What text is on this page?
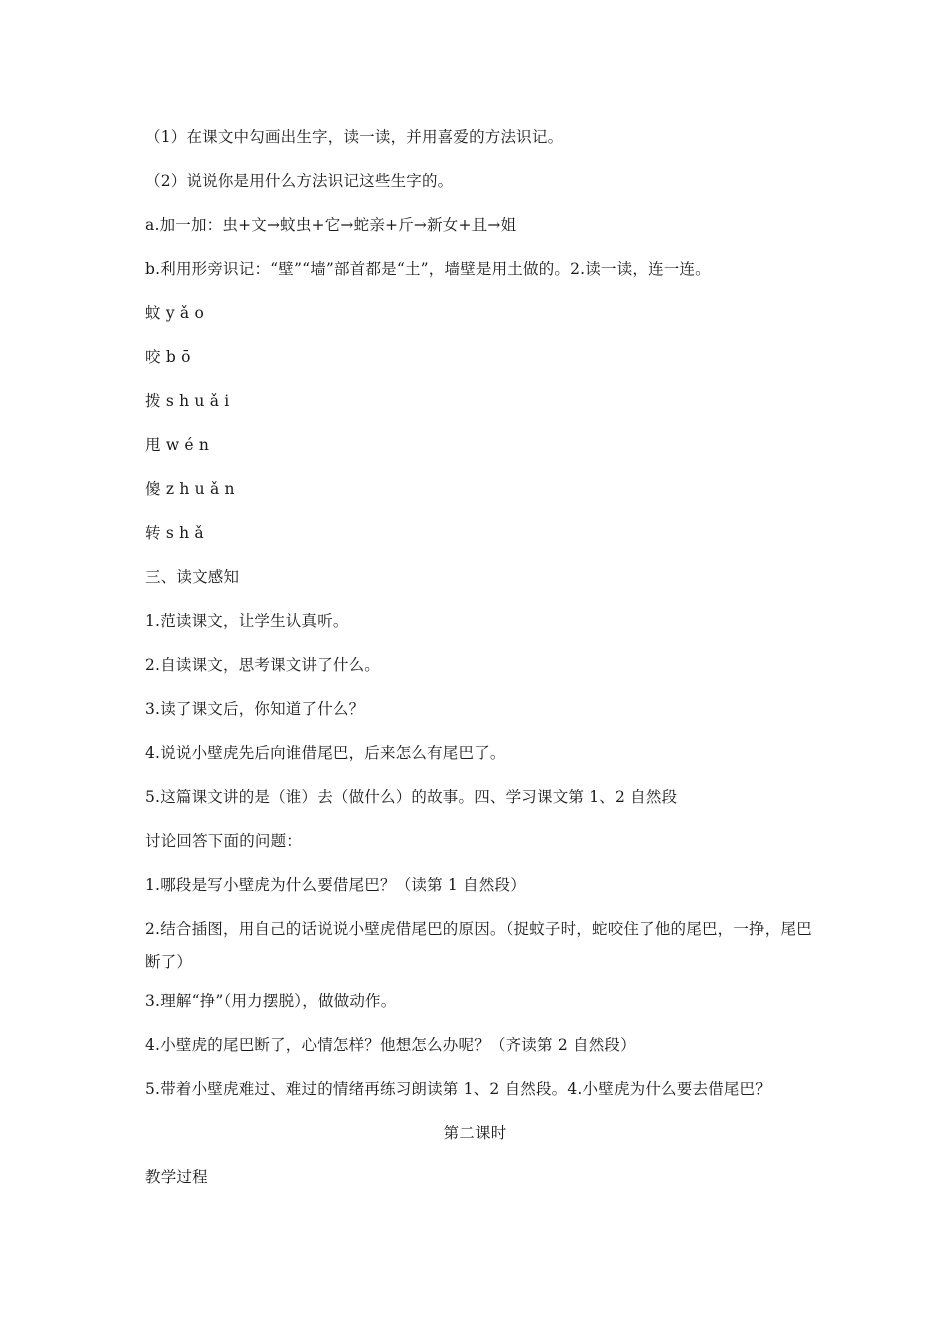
（1）在课文中勾画出生字，读一读，并用喜爱的方法识记。
（2）说说你是用什么方法识记这些生字的。
a.加一加：虫+文→蚊虫+它→蛇亲+斤→新女+且→姐
b.利用形旁识记：“壁”“墙”部首都是“土”，墙壁是用土做的。2.读一读，连一连。
蚊 y ǎ o
咬 b ō
拨 s h u ǎ i
甩 w é n
傻 z h u ǎ n
转 s h ǎ
三、读文感知
1.范读课文，让学生认真听。
2.自读课文，思考课文讲了什么。
3.读了课文后，你知道了什么？
4.说说小壁虎先后向谁借尾巴，后来怎么有尾巴了。
5.这篇课文讲的是（谁）去（做什么）的故事。四、学习课文第 1、2 自然段
讨论回答下面的问题：
1.哪段是写小壁虎为什么要借尾巴？（读第 1 自然段）
2.结合插图，用自己的话说说小壁虎借尾巴的原因。（捉蚊子时，蛇咬住了他的尾巴，一挣，尾巴断了）
3.理解“挣”（用力摆脱），做做动作。
4.小壁虎的尾巴断了，心情怎样？他想怎么办呢？（齐读第 2 自然段）
5.带着小壁虎难过、难过的情绪再练习朗读第 1、2 自然段。4.小壁虎为什么要去借尾巴？
第二课时
教学过程
